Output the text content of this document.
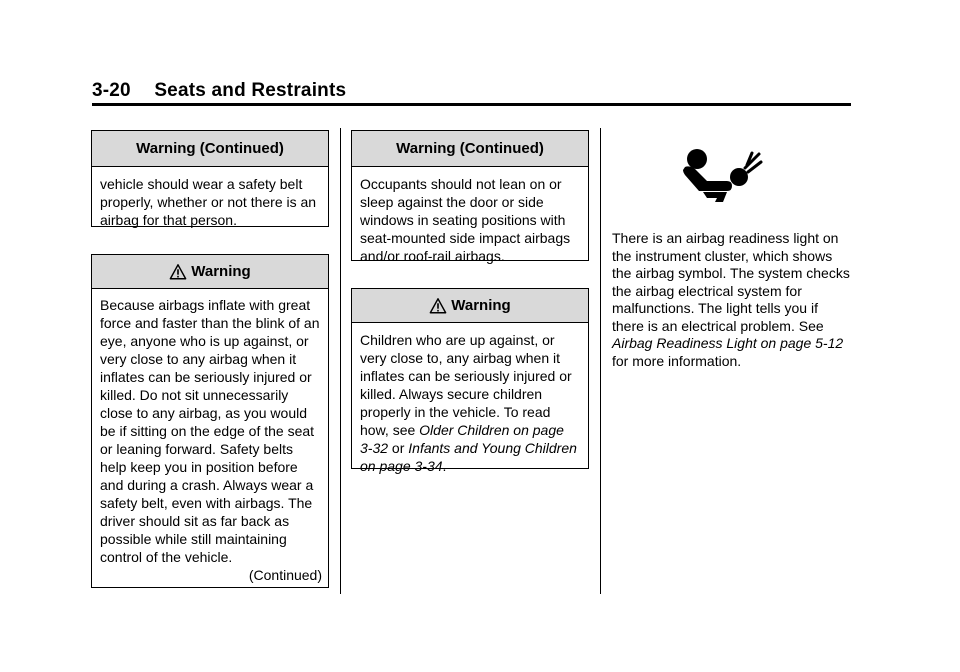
3-20 Seats and Restraints
Warning (Continued)
vehicle should wear a safety belt properly, whether or not there is an airbag for that person.
Warning
Because airbags inflate with great force and faster than the blink of an eye, anyone who is up against, or very close to any airbag when it inflates can be seriously injured or killed. Do not sit unnecessarily close to any airbag, as you would be if sitting on the edge of the seat or leaning forward. Safety belts help keep you in position before and during a crash. Always wear a safety belt, even with airbags. The driver should sit as far back as possible while still maintaining control of the vehicle.
(Continued)
Warning (Continued)
Occupants should not lean on or sleep against the door or side windows in seating positions with seat-mounted side impact airbags and/or roof-rail airbags.
Warning
Children who are up against, or very close to, any airbag when it inflates can be seriously injured or killed. Always secure children properly in the vehicle. To read how, see Older Children on page 3-32 or Infants and Young Children on page 3-34.
There is an airbag readiness light on the instrument cluster, which shows the airbag symbol. The system checks the airbag electrical system for malfunctions. The light tells you if there is an electrical problem. See Airbag Readiness Light on page 5-12 for more information.
